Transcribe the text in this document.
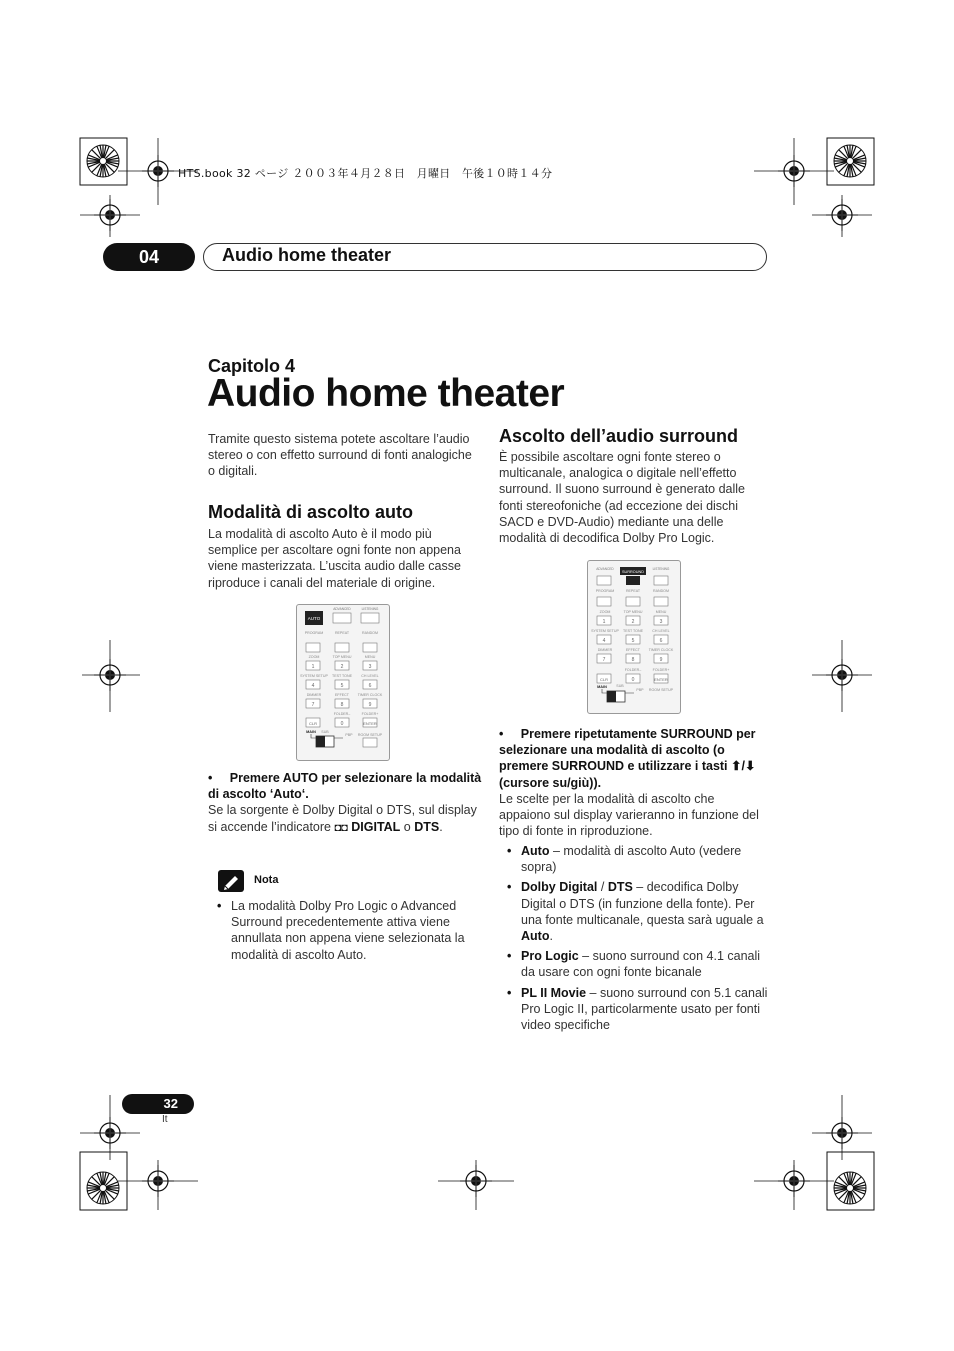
HTS.book 32 ページ ２００３年４月２８日　月曜日　午後１０時１４分
04	Audio home theater
Capitolo 4
Audio home theater
Tramite questo sistema potete ascoltare l’audio stereo o con effetto surround di fonti analogiche o digitali.
Modalità di ascolto auto
La modalità di ascolto Auto è il modo più semplice per ascoltare ogni fonte non appena viene masterizzata. L’uscita audio dalle casse riproduce i canali del materiale di origine.
AUTO
ADVANCED	LISTENING
PROGRAM	REPEAT	RANDOM
ZOOM	TOP MENU	MENU
1	2	3
SYSTEM SETUP TEST TONE	CH LEVEL
4	5	6
DIMMER	EFFECT TIMER CLOCK
7	8	9
FOLDER–	FOLDER+
CLR	0	ENTER
MAIN SUB
PBP ROOM SETUP
• Premere AUTO per selezionare la modalità di ascolto ‘Auto‘.
Se la sorgente è Dolby Digital o DTS, sul display si accende l’indicatore ◘◘ DIGITAL o DTS.
Nota
• La modalità Dolby Pro Logic o Advanced Surround precedentemente attiva viene annullata non appena viene selezionata la modalità di ascolto Auto.
Ascolto dell’audio surround
È possibile ascoltare ogni fonte stereo o multicanale, analogica o digitale nell’effetto surround. Il suono surround è generato dalle fonti stereofoniche (ad eccezione dei dischi SACD e DVD-Audio) mediante una delle modalità di decodifica Dolby Pro Logic.
ADVANCED	LISTENING
SURROUND
PROGRAM	REPEAT	RANDOM
ZOOM	TOP MENU	MENU
1	2	3
SYSTEM SETUP TEST TONE	CH LEVEL
4	5	6
DIMMER	EFFECT TIMER CLOCK
7	8	9
FOLDER–	FOLDER+
CLR	0	ENTER
MAIN	SUB
PBP ROOM SETUP
• Premere ripetutamente SURROUND per selezionare una modalità di ascolto (o premere SURROUND e utilizzare i tasti ⬆/⬇ (cursore su/giù)).
Le scelte per la modalità di ascolto che appaiono sul display varieranno in funzione del tipo di fonte in riproduzione.
• Auto – modalità di ascolto Auto (vedere sopra)
• Dolby Digital / DTS – decodifica Dolby Digital o DTS (in funzione della fonte). Per una fonte multicanale, questa sarà uguale a Auto.
• Pro Logic – suono surround con 4.1 canali da usare con ogni fonte bicanale
• PL II Movie – suono surround con 5.1 canali Pro Logic II, particolarmente usato per fonti video specifiche
32
It
